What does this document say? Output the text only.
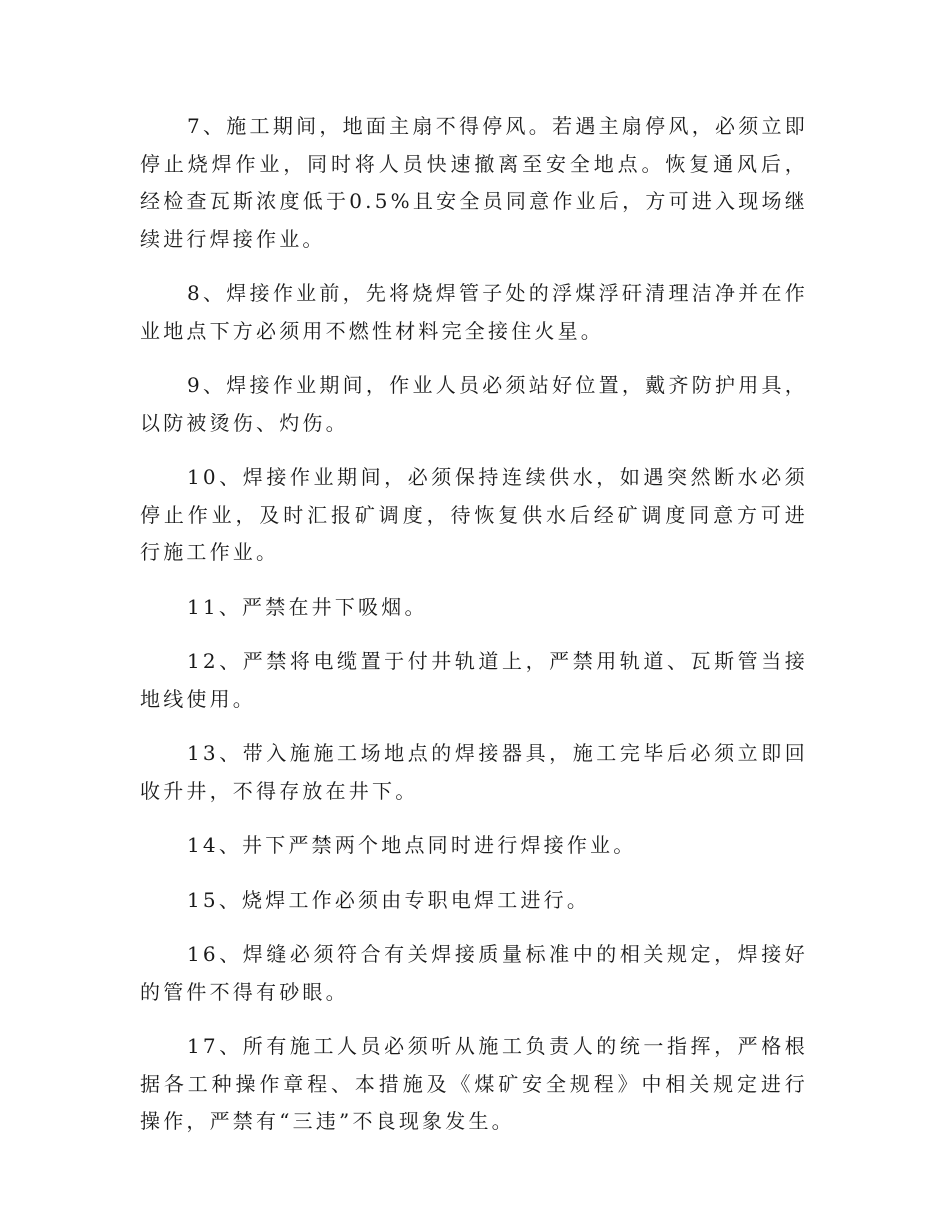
7、施工期间，地面主扇不得停风。若遇主扇停风，必须立即停止烧焊作业，同时将人员快速撤离至安全地点。恢复通风后，经检查瓦斯浓度低于0.5%且安全员同意作业后，方可进入现场继续进行焊接作业。

8、焊接作业前，先将烧焊管子处的浮煤浮矸清理洁净并在作业地点下方必须用不燃性材料完全接住火星。

9、焊接作业期间，作业人员必须站好位置，戴齐防护用具，以防被烫伤、灼伤。

10、焊接作业期间，必须保持连续供水，如遇突然断水必须停止作业，及时汇报矿调度，待恢复供水后经矿调度同意方可进行施工作业。

11、严禁在井下吸烟。

12、严禁将电缆置于付井轨道上，严禁用轨道、瓦斯管当接地线使用。

13、带入施施工场地点的焊接器具，施工完毕后必须立即回收升井，不得存放在井下。

14、井下严禁两个地点同时进行焊接作业。

15、烧焊工作必须由专职电焊工进行。

16、焊缝必须符合有关焊接质量标准中的相关规定，焊接好的管件不得有砂眼。

17、所有施工人员必须听从施工负责人的统一指挥，严格根据各工种操作章程、本措施及《煤矿安全规程》中相关规定进行操作，严禁有“三违”不良现象发生。
